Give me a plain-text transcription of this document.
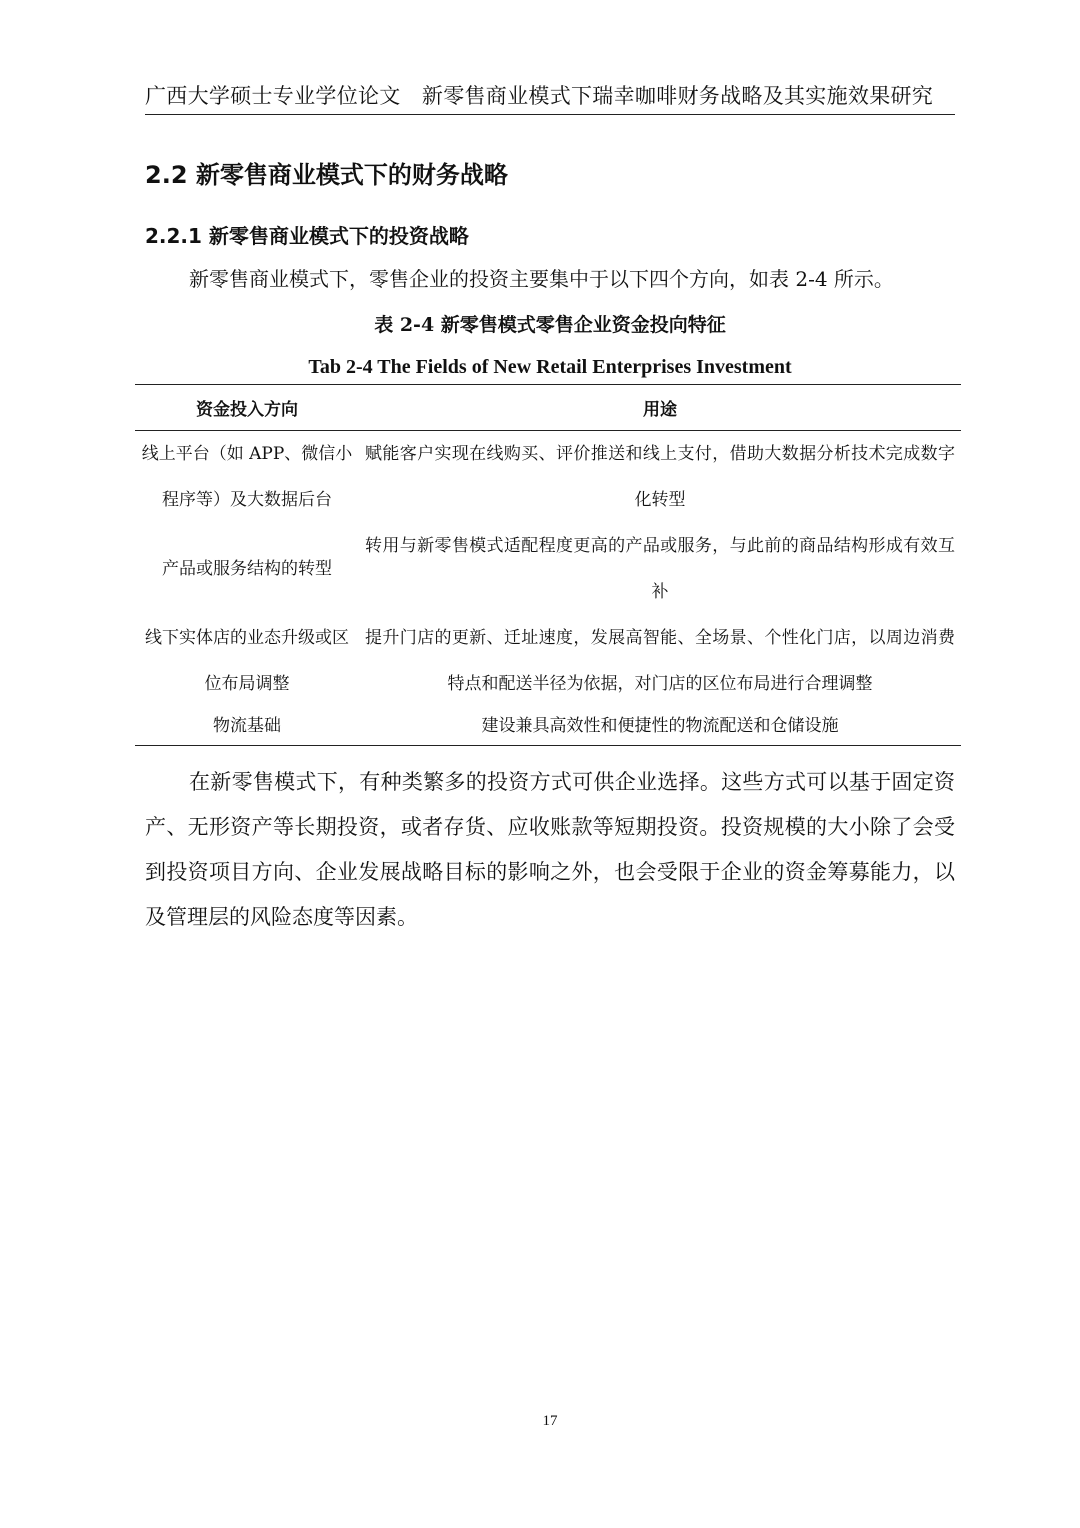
广西大学硕士专业学位论文　新零售商业模式下瑞幸咖啡财务战略及其实施效果研究
2.2 新零售商业模式下的财务战略
2.2.1 新零售商业模式下的投资战略
新零售商业模式下，零售企业的投资主要集中于以下四个方向，如表 2-4 所示。
表 2-4 新零售模式零售企业资金投向特征
Tab 2-4 The Fields of New Retail Enterprises Investment
资金投入方向	用途
线上平台（如 APP、微信小程序等）及大数据后台	赋能客户实现在线购买、评价推送和线上支付，借助大数据分析技术完成数字化转型
产品或服务结构的转型	转用与新零售模式适配程度更高的产品或服务，与此前的商品结构形成有效互补
线下实体店的业态升级或区位布局调整	提升门店的更新、迁址速度，发展高智能、全场景、个性化门店，以周边消费特点和配送半径为依据，对门店的区位布局进行合理调整
物流基础	建设兼具高效性和便捷性的物流配送和仓储设施
在新零售模式下，有种类繁多的投资方式可供企业选择。这些方式可以基于固定资产、无形资产等长期投资，或者存货、应收账款等短期投资。投资规模的大小除了会受到投资项目方向、企业发展战略目标的影响之外，也会受限于企业的资金筹募能力，以及管理层的风险态度等因素。
17
